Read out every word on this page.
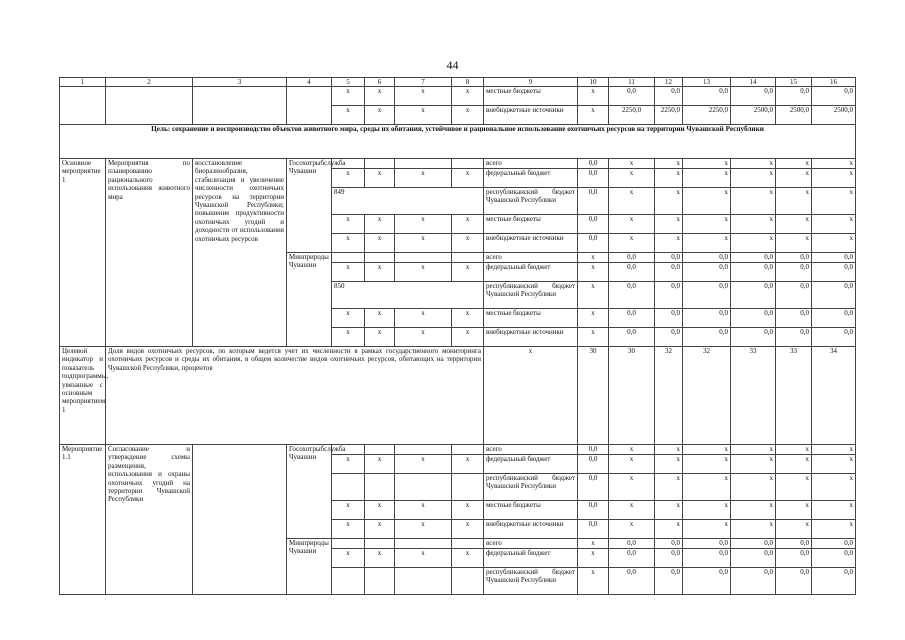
44
1	2	3	4	5	6	7	8	9	10	11	12	13	14	15	16
				х	х	х	х	местные бюджеты	х	0,0	0,0	0,0	0,0	0,0	0,0
				х	х	х	х	внебюджетные источники	х	2250,0	2250,0	2250,0	2500,0	2500,0	2500,0
Цель: сохранение и воспроизводство объектов животного мира, среды их обитания, устойчивое и рациональное использование охотничьих ресурсов на территории Чувашской Республики															
Основное мероприятие 1	Мероприятия по планированию рационального использования животного мира	восстановление биоразнообразия, стабилизация и увеличение численности охотничьих ресурсов на территории Чувашской Республики; повышение продуктивности охотничьих угодий и доходности от использования охотничьих ресурсов	Госохотрыбслужба Чувашии					всего	0,0	х	х	х	х	х	х
				х	х	х	х	федеральный бюджет	0,0	х	х	х	х	х	х
				849				республиканский бюджет Чувашской Республики	0,0	х	х	х	х	х	х
				х	х	х	х	местные бюджеты	0,0	х	х	х	х	х	х
				х	х	х	х	внебюджетные источники	0,0	х	х	х	х	х	х
			Минприроды Чувашии					всего	х	0,0	0,0	0,0	0,0	0,0	0,0
				х	х	х	х	федеральный бюджет	х	0,0	0,0	0,0	0,0	0,0	0,0
				850				республиканский бюджет Чувашской Республики	х	0,0	0,0	0,0	0,0	0,0	0,0
				х	х	х	х	местные бюджеты	х	0,0	0,0	0,0	0,0	0,0	0,0
				х	х	х	х	внебюджетные источники	х	0,0	0,0	0,0	0,0	0,0	0,0
Целевой индикатор и показатель подпрограммы, увязанные с основным мероприятием 1	Доля видов охотничьих ресурсов, по которым ведется учет их численности в рамках государственного мониторинга охотничьих ресурсов и среды их обитания, в общем количестве видов охотничьих ресурсов, обитающих на территории Чувашской Республики, процентов							х	30	30	32	32	33	33	34
Мероприятие 1.1	Согласование и утверждение схемы размещения, использования и охраны охотничьих угодий на территории Чувашской Республики		Госохотрыбслужба Чувашии					всего	0,0	х	х	х	х	х	х
				х	х	х	х	федеральный бюджет	0,0	х	х	х	х	х	х
								республиканский бюджет Чувашской Республики	0,0	х	х	х	х	х	х
				х	х	х	х	местные бюджеты	0,0	х	х	х	х	х	х
				х	х	х	х	внебюджетные источники	0,0	х	х	х	х	х	х
			Минприроды Чувашии					всего	х	0,0	0,0	0,0	0,0	0,0	0,0
				х	х	х	х	федеральный бюджет	х	0,0	0,0	0,0	0,0	0,0	0,0
								республиканский бюджет Чувашской Республики	х	0,0	0,0	0,0	0,0	0,0	0,0
